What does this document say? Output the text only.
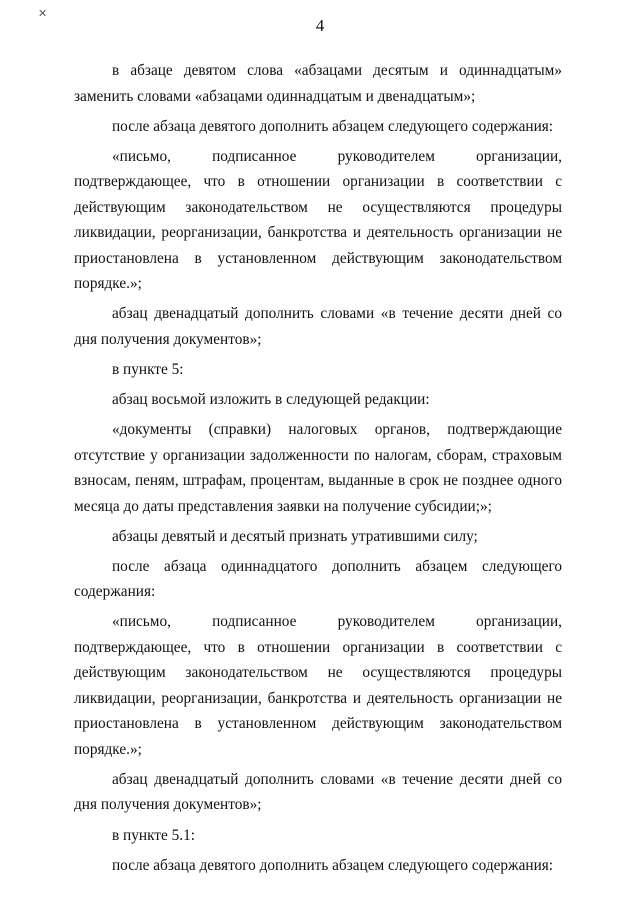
✕
4

в абзаце девятом слова «абзацами десятым и одиннадцатым» заменить словами «абзацами одиннадцатым и двенадцатым»;

после абзаца девятого дополнить абзацем следующего содержания:

«письмо, подписанное руководителем организации, подтверждающее, что в отношении организации в соответствии с действующим законодательством не осуществляются процедуры ликвидации, реорганизации, банкротства и деятельность организации не приостановлена в установленном действующим законодательством порядке.»;

абзац двенадцатый дополнить словами «в течение десяти дней со дня получения документов»;

в пункте 5:

абзац восьмой изложить в следующей редакции:

«документы (справки) налоговых органов, подтверждающие отсутствие у организации задолженности по налогам, сборам, страховым взносам, пеням, штрафам, процентам, выданные в срок не позднее одного месяца до даты представления заявки на получение субсидии;»;

абзацы девятый и десятый признать утратившими силу;

после абзаца одиннадцатого дополнить абзацем следующего содержания:

«письмо, подписанное руководителем организации, подтверждающее, что в отношении организации в соответствии с действующим законодательством не осуществляются процедуры ликвидации, реорганизации, банкротства и деятельность организации не приостановлена в установленном действующим законодательством порядке.»;

абзац двенадцатый дополнить словами «в течение десяти дней со дня получения документов»;

в пункте 5.1:

после абзаца девятого дополнить абзацем следующего содержания:
